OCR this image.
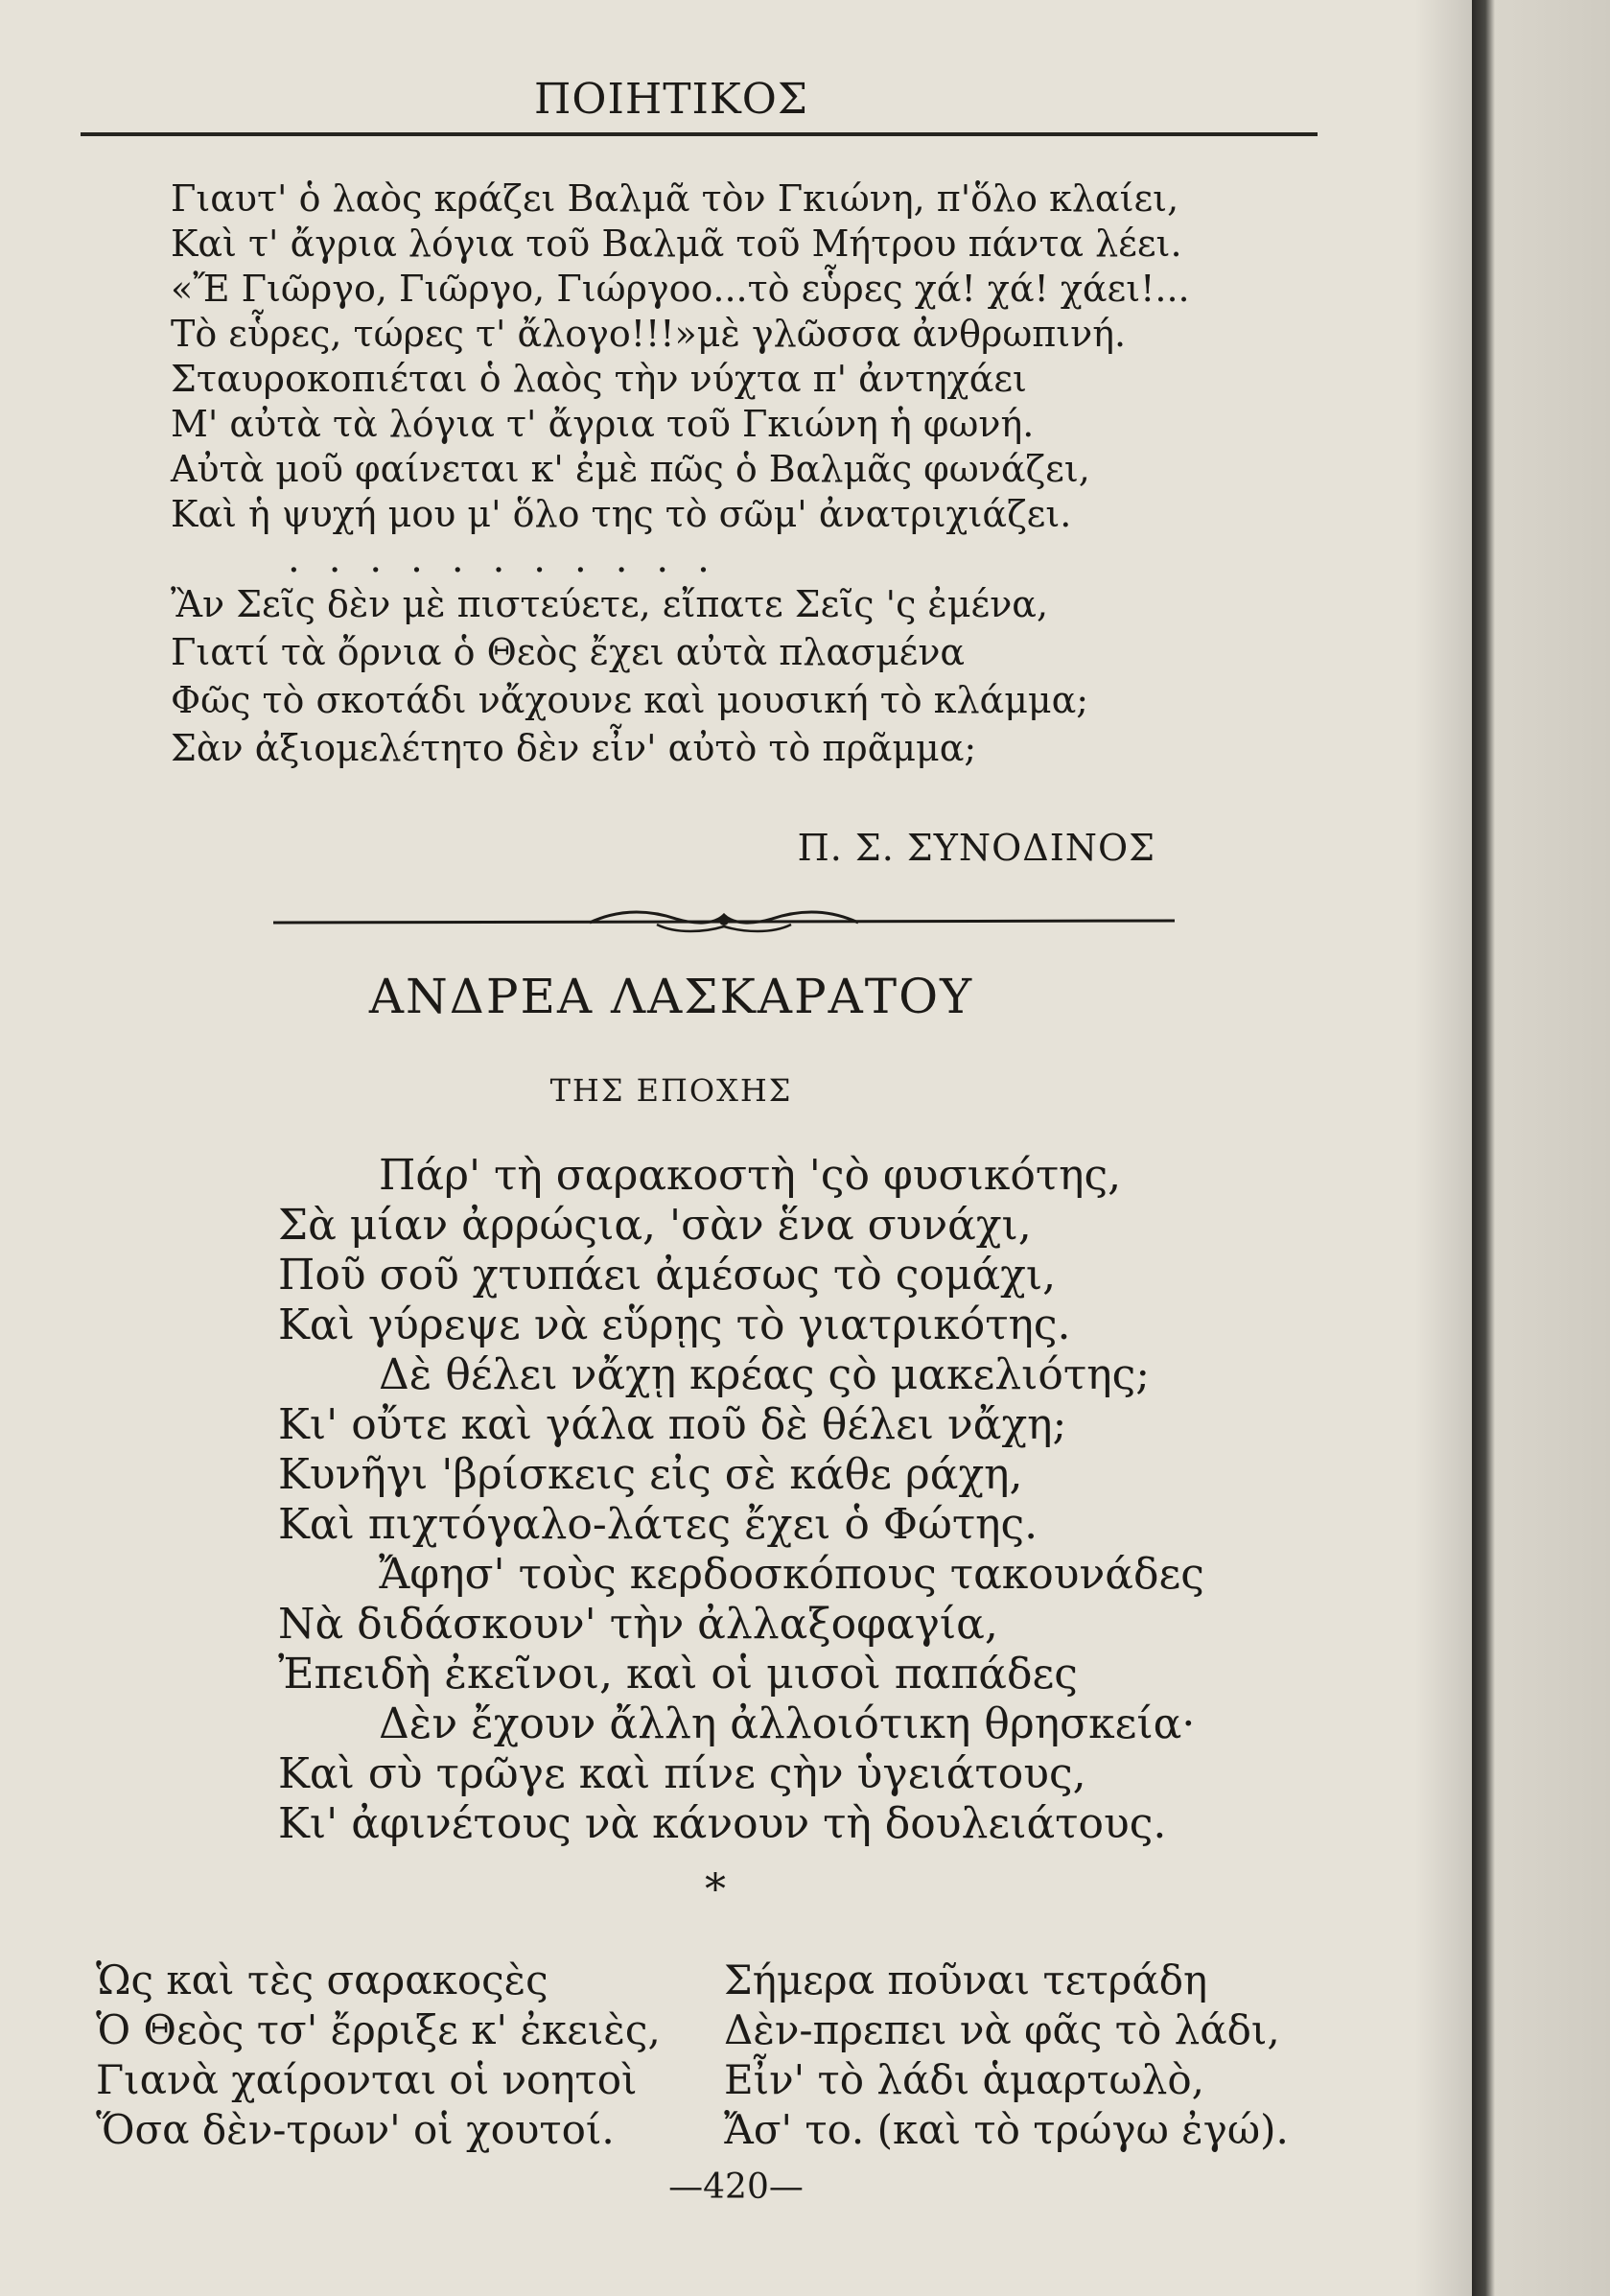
ΠΟΙΗΤΙΚΟΣ
Γιαυτ' ὁ λαὸς κράζει Βαλμᾶ τὸν Γκιώνη, π'ὅλο κλαίει,
Καὶ τ' ἄγρια λόγια τοῦ Βαλμᾶ τοῦ Μήτρου πάντα λέει.
«Ἔ Γιῶργο, Γιῶργο, Γιώργοο...τὸ εὗρες χά! χά! χάει!...
Τὸ εὗρες, τώρες τ' ἄλογο!!!»μὲ γλῶσσα ἀνθρωπινή.
Σταυροκοπιέται ὁ λαὸς τὴν νύχτα π' ἀντηχάει
Μ' αὐτὰ τὰ λόγια τ' ἄγρια τοῦ Γκιώνη ἡ φωνή.
Αὐτὰ μοῦ φαίνεται κ' ἐμὲ πῶς ὁ Βαλμᾶς φωνάζει,
Καὶ ἡ ψυχή μου μ' ὅλο της τὸ σῶμ' ἀνατριχιάζει.
...........
Ἂν Σεῖς δὲν μὲ πιστεύετε, εἴπατε Σεῖς 'ς ἐμένα,
Γιατί τὰ ὄρνια ὁ Θεὸς ἔχει αὐτὰ πλασμένα
Φῶς τὸ σκοτάδι νἄχουνε καὶ μουσική τὸ κλάμμα;
Σὰν ἀξιομελέτητο δὲν εἶν' αὐτὸ τὸ πρᾶμμα;
Π. Σ. ΣΥΝΟΔΙΝΟΣ
ΑΝΔΡΕΑ ΛΑΣΚΑΡΑΤΟΥ
ΤΗΣ ΕΠΟΧΗΣ
Πάρ' τὴ σαρακοστὴ 'ςὸ φυσικότης,
Σὰ μίαν ἀρρώςια, 'σὰν ἕνα συνάχι,
Ποῦ σοῦ χτυπάει ἀμέσως τὸ ςομάχι,
Καὶ γύρεψε νὰ εὕρῃς τὸ γιατρικότης.
Δὲ θέλει νἄχῃ κρέας ςὸ μακελιότης;
Κι' οὔτε καὶ γάλα ποῦ δὲ θέλει νἄχη;
Κυνῆγι 'βρίσκεις εἰς σὲ κάθε ράχη,
Καὶ πιχτόγαλο-λάτες ἔχει ὁ Φώτης.
Ἄφησ' τοὺς κερδοσκόπους τακουνάδες
Νὰ διδάσκουν' τὴν ἀλλαξοφαγία,
Ἐπειδὴ ἐκεῖνοι, καὶ οἱ μισοὶ παπάδες
Δὲν ἔχουν ἄλλη ἀλλοιότικη θρησκεία·
Καὶ σὺ τρῶγε καὶ πίνε ςὴν ὑγειάτους,
Κι' ἀφινέτους νὰ κάνουν τὴ δουλειάτους.
*
Ὡς καὶ τὲς σαρακοςὲς
Ὁ Θεὸς τσ' ἔρριξε κ' ἐκειὲς,
Γιανὰ χαίρονται οἱ νοητοὶ
Ὅσα δὲν-τρων' οἱ χουτοί.
Σήμερα ποῦναι τετράδη
Δὲν-πρεπει νὰ φᾶς τὸ λάδι,
Εἶν' τὸ λάδι ἁμαρτωλὸ,
Ἄσ' το. (καὶ τὸ τρώγω ἐγώ).
—420—
